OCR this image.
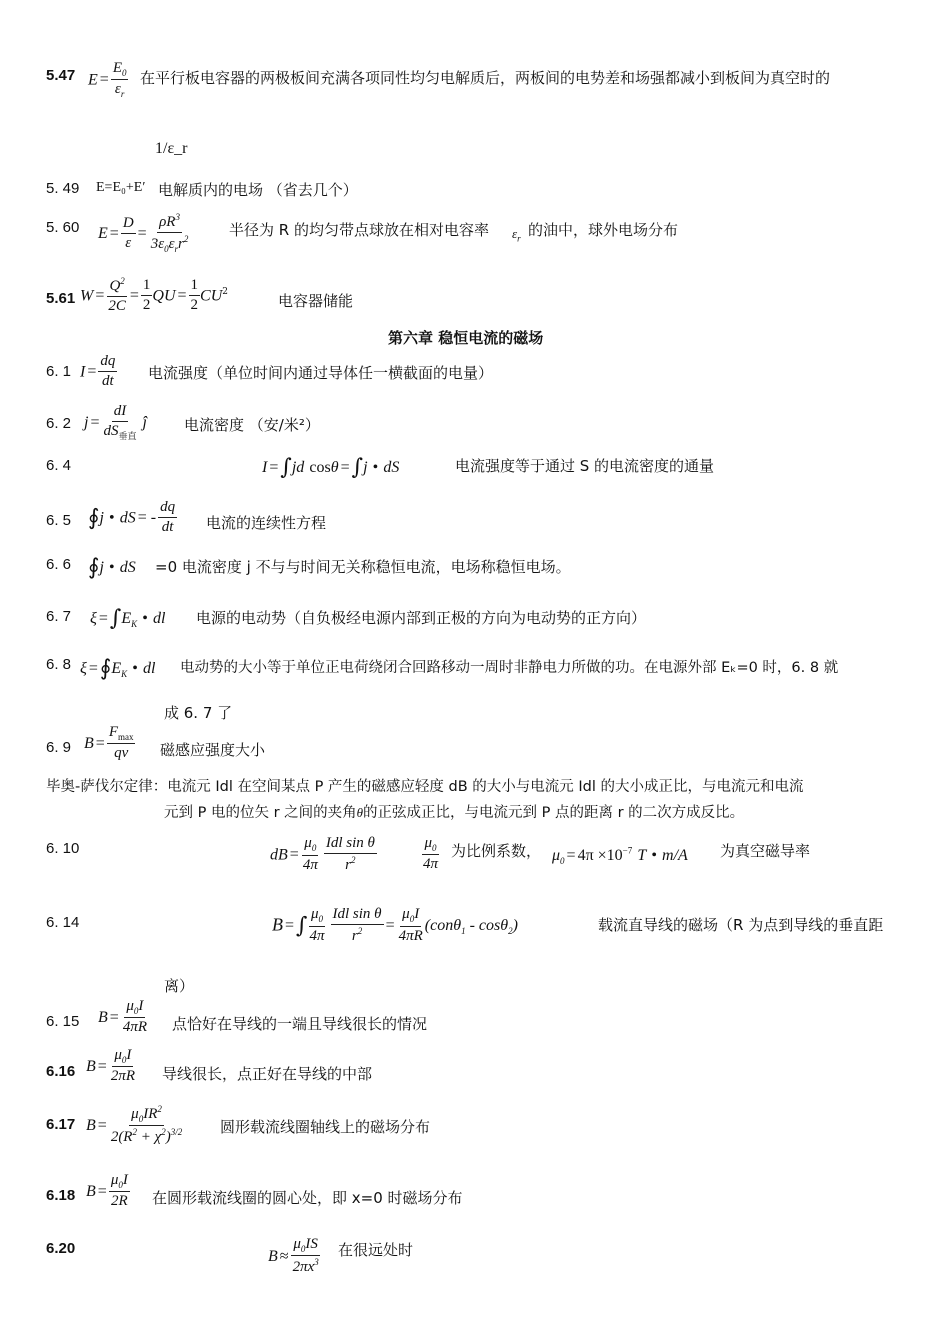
5.47 $E = \frac{E_0}{\varepsilon_r}$ 在平行板电容器的两极板间充满各项同性均匀电解质后，两板间的电势差和场强都减小到板间为真空时的
1/ε_r
5. 49 E=E₀+E′ 电解质内的电场 （省去几个）
5. 60 $E = \frac{D}{\varepsilon} = \frac{\rho R^3}{3\varepsilon_0\varepsilon_rr^2}$	半径为 R 的均匀带点球放在相对电容率 $\varepsilon_r$ 的油中，球外电场分布
5.61 $W = \frac{Q^2}{2C} = \frac{1}{2}$ QU = $\frac{1}{2} CU^2$
电容器储能
第六章 稳恒电流的磁场
6. 1 $I = \frac{dq}{dt}$ 电流强度（单位时间内通过导体任一横截面的电量）
6. 2 $j = \frac{dI}{dS_{垂直}}$ ĵ 电流密度 （安/米²）
6. 4	I =∫jd cosθ =∫j • dS	电流强度等于通过 S 的电流密度的通量
6. 5 ∮j • dS = - $\frac{dq}{dt}$ 电流的连续性方程
6. 6 ∮j • dS =0 电流密度 j 不与与时间无关称稳恒电流，电场称稳恒电场。
6. 7 $\xi =\int E_K$ • dl 电源的电动势（自负极经电源内部到正极的方向为电动势的正方向）
6. 8 $\xi =∮E_K$ • dl 电动势的大小等于单位正电荷绕闭合回路移动一周时非静电力所做的功。在电源外部 Eₖ=0 时，6. 8 就
成 6. 7 了
6. 9 $B = \frac{F_{max}}{qv}$ 磁感应强度大小
毕奥-萨伐尔定律：电流元 Idl 在空间某点 P 产生的磁感应轻度 dB 的大小与电流元 Idl 的大小成正比，与电流元和电流
元到 P 电的位矢 r 之间的夹角θ的正弦成正比，与电流元到 P 点的距离 r 的二次方成反比。
6. 10	dB = $\frac{\mu_0}{4\pi} \frac{\text{Idl sin θ}}{r^2}$	$\frac{\mu_0}{4\pi}$ 为比例系数， $\mu_0 = 4\pi \times 10^{-7}$ T • m/A 为真空磁导率
6. 14	B =∫ $\frac{\mu_0}{4\pi} \frac{\text{Idl sin θ}}{r^2} = \frac{\mu_0I}{4\pi R} (con\theta_1 - \cos\theta_2)$	载流直导线的磁场（R 为点到导线的垂直距
离）
6. 15 $B = \frac{\mu_0I}{4\pi R}$ 点恰好在导线的一端且导线很长的情况
6.16 $B = \frac{\mu_0I}{2\pi R}$ 导线很长，点正好在导线的中部
6.17 $B = \frac{\mu_0IR^2}{2(R^2 + \chi^2)^{3/2}}$ 圆形载流线圈轴线上的磁场分布
6.18 $B = \frac{\mu_0I}{2R}$ 在圆形载流线圈的圆心处，即 x=0 时磁场分布
6.20	$B \approx \frac{\mu_0IS}{2\pi x^3}$ 在很远处时
